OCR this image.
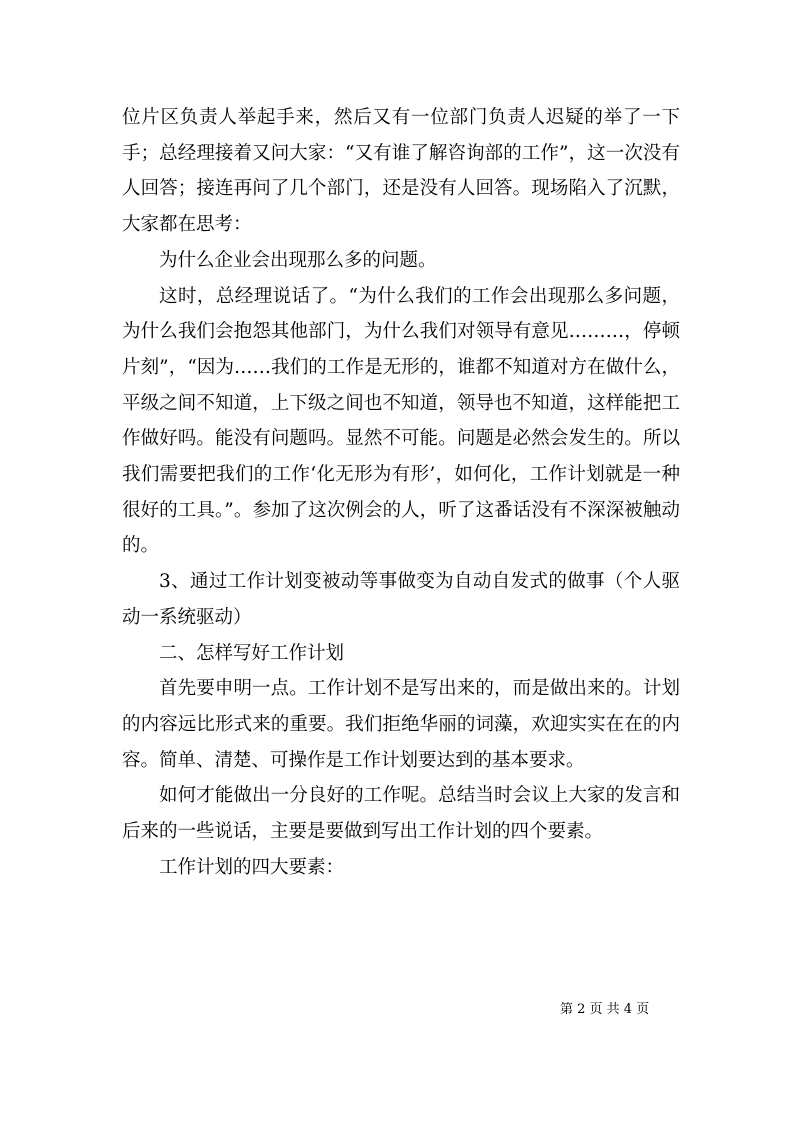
位片区负责人举起手来，然后又有一位部门负责人迟疑的举了一下手；总经理接着又问大家：“又有谁了解咨询部的工作”，这一次没有人回答；接连再问了几个部门，还是没有人回答。现场陷入了沉默，大家都在思考：

为什么企业会出现那么多的问题。

这时，总经理说话了。“为什么我们的工作会出现那么多问题，为什么我们会抱怨其他部门，为什么我们对领导有意见………，停顿片刻”，“因为……我们的工作是无形的，谁都不知道对方在做什么，平级之间不知道，上下级之间也不知道，领导也不知道，这样能把工作做好吗。能没有问题吗。显然不可能。问题是必然会发生的。所以我们需要把我们的工作‘化无形为有形’，如何化，工作计划就是一种很好的工具。”。参加了这次例会的人，听了这番话没有不深深被触动的。

3、通过工作计划变被动等事做变为自动自发式的做事（个人驱动一系统驱动）

二、怎样写好工作计划

首先要申明一点。工作计划不是写出来的，而是做出来的。计划的内容远比形式来的重要。我们拒绝华丽的词藻，欢迎实实在在的内容。简单、清楚、可操作是工作计划要达到的基本要求。

如何才能做出一分良好的工作呢。总结当时会议上大家的发言和后来的一些说话，主要是要做到写出工作计划的四个要素。

工作计划的四大要素：

第 2 页 共 4 页
